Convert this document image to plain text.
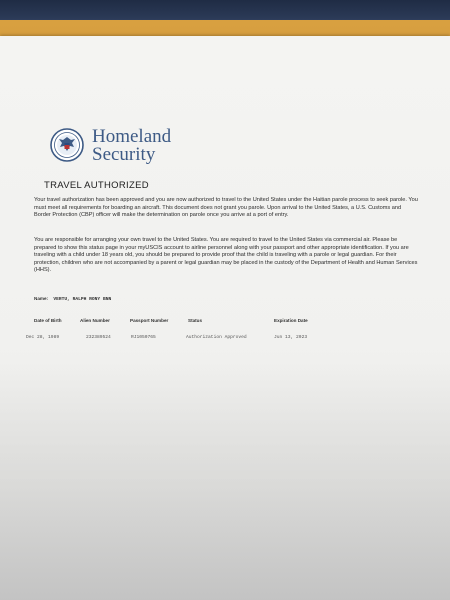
Homeland
Security
TRAVEL AUTHORIZED
Your travel authorization has been approved and you are now authorized to travel to the United States under the Haitian parole process to seek parole. You must meet all requirements for boarding an aircraft. This document does not grant you parole. Upon arrival to the United States, a U.S. Customs and Border Protection (CBP) officer will make the determination on parole once you arrive at a port of entry.
You are responsible for arranging your own travel to the United States. You are required to travel to the United States via commercial air. Please be prepared to show this status page in your myUSCIS account to airline personnel along with your passport and other appropriate identification. If you are traveling with a child under 18 years old, you should be prepared to provide proof that the child is traveling with a parole or legal guardian. For their protection, children who are not accompanied by a parent or legal guardian may be placed in the custody of the Department of Health and Human Services (HHS).
Name: VERTU, RALPH RONY BNN
Date of Birth	Alien Number	Passport Number	Status	Expiration Date
Dec 28, 1989	232389524	RJ1050765	Authorization Approved	Jun 13, 2023
